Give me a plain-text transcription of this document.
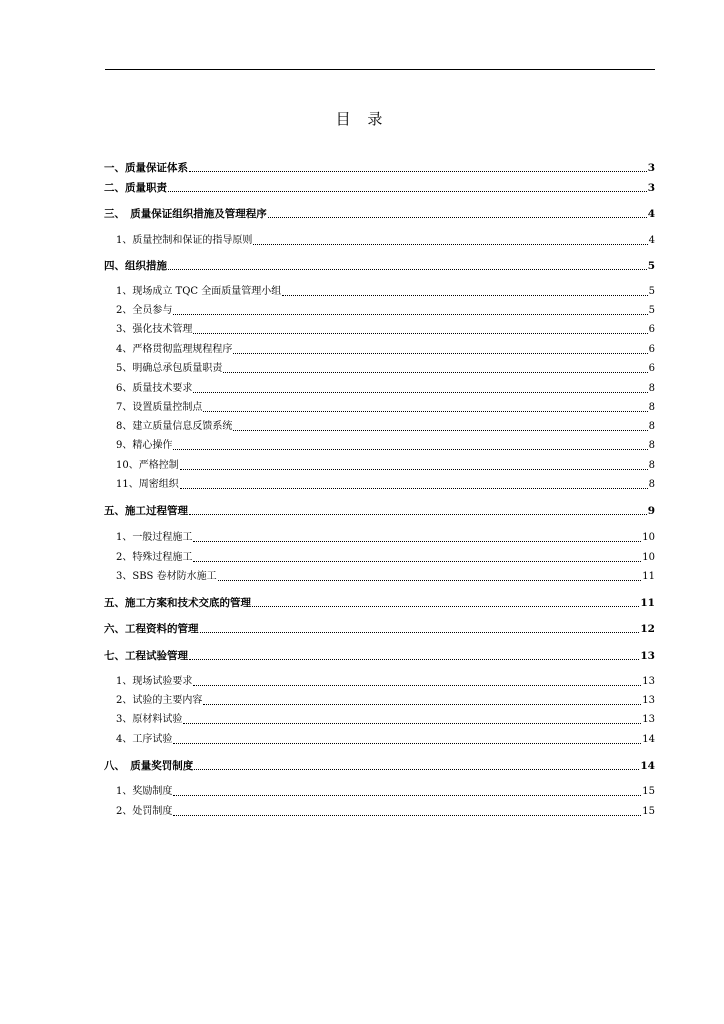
目 录
一、质量保证体系	3
二、质量职责	3
三、　质量保证组织措施及管理程序	4
1、质量控制和保证的指导原则	4
四、组织措施	5
1、现场成立 TQC 全面质量管理小组	5
2、全员参与	5
3、强化技术管理	6
4、严格贯彻监理规程程序	6
5、明确总承包质量职责	6
6、质量技术要求	8
7、设置质量控制点	8
8、建立质量信息反馈系统	8
9、精心操作	8
10、严格控制	8
11、周密组织	8
五、施工过程管理	9
1、一般过程施工	10
2、特殊过程施工	10
3、SBS 卷材防水施工	11
五、施工方案和技术交底的管理	11
六、工程资料的管理	12
七、工程试验管理	13
1、现场试验要求	13
2、试验的主要内容	13
3、原材料试验	13
4、工序试验	14
八、　质量奖罚制度	14
1、奖励制度	15
2、处罚制度	15
